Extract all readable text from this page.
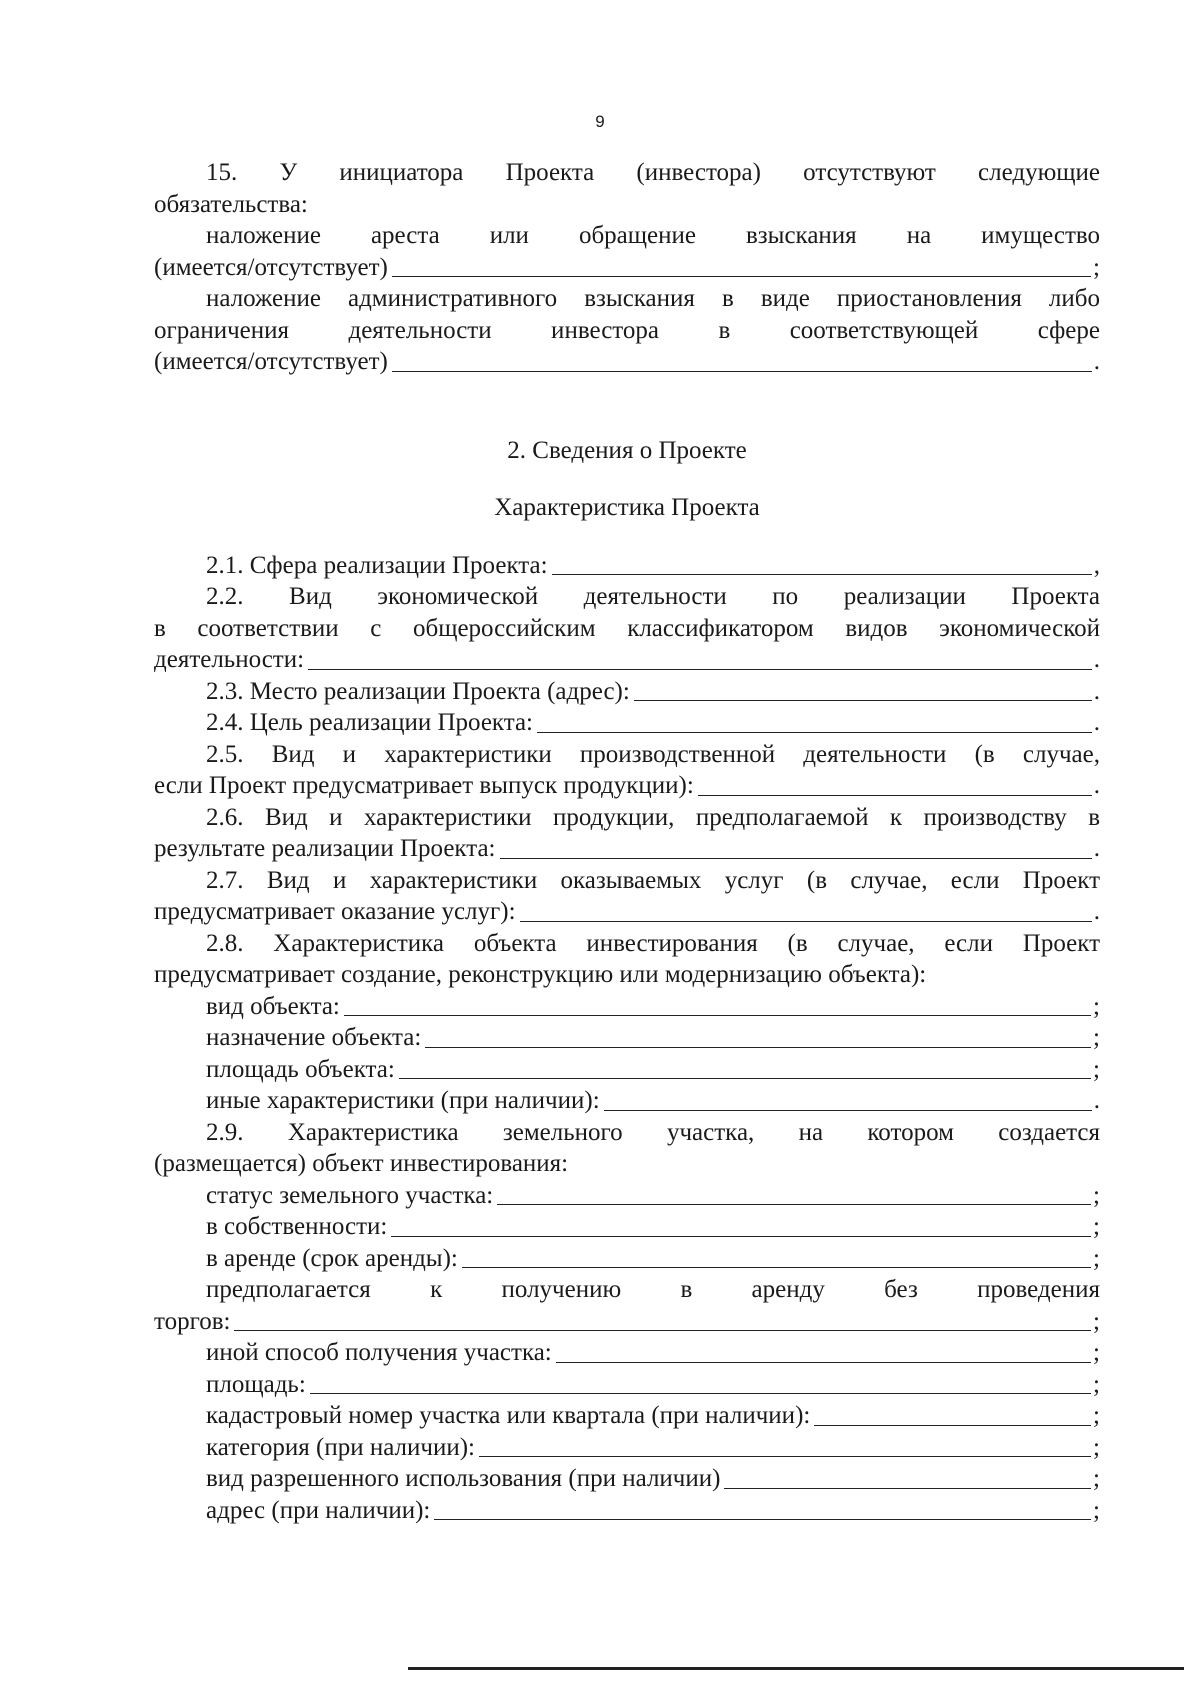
9

15. У инициатора Проекта (инвестора) отсутствуют следующие

обязательства:

наложение ареста или обращение взыскания на имущество

(имеется/отсутствует)	;

наложение административного взыскания в виде приостановления либо

ограничения деятельности инвестора в соответствующей сфере

(имеется/отсутствует)	.

2. Сведения о Проекте

Характеристика Проекта

2.1. Сфера реализации Проекта:	,

2.2. Вид экономической деятельности по реализации Проекта

в соответствии с общероссийским классификатором видов экономической

деятельности:	.
2.3. Место реализации Проекта (адрес):	.
2.4. Цель реализации Проекта:	.

2.5. Вид и характеристики производственной деятельности (в случае,

если Проект предусматривает выпуск продукции):	.

2.6. Вид и характеристики продукции, предполагаемой к производству в

результате реализации Проекта:	.

2.7. Вид и характеристики оказываемых услуг (в случае, если Проект

предусматривает оказание услуг):	.

2.8. Характеристика объекта инвестирования (в случае, если Проект

предусматривает создание, реконструкцию или модернизацию объекта):

вид объекта:	;
назначение объекта:	;
площадь объекта:	;
иные характеристики (при наличии):	.

2.9. Характеристика земельного участка, на котором создается

(размещается) объект инвестирования:

статус земельного участка:	;
в собственности:	;
в аренде (срок аренды):	;

предполагается к получению в аренду без проведения

торгов:	;
иной способ получения участка:	;
площадь:	;
кадастровый номер участка или квартала (при наличии):	;
категория (при наличии):	;
вид разрешенного использования (при наличии)	;
адрес (при наличии):	;
